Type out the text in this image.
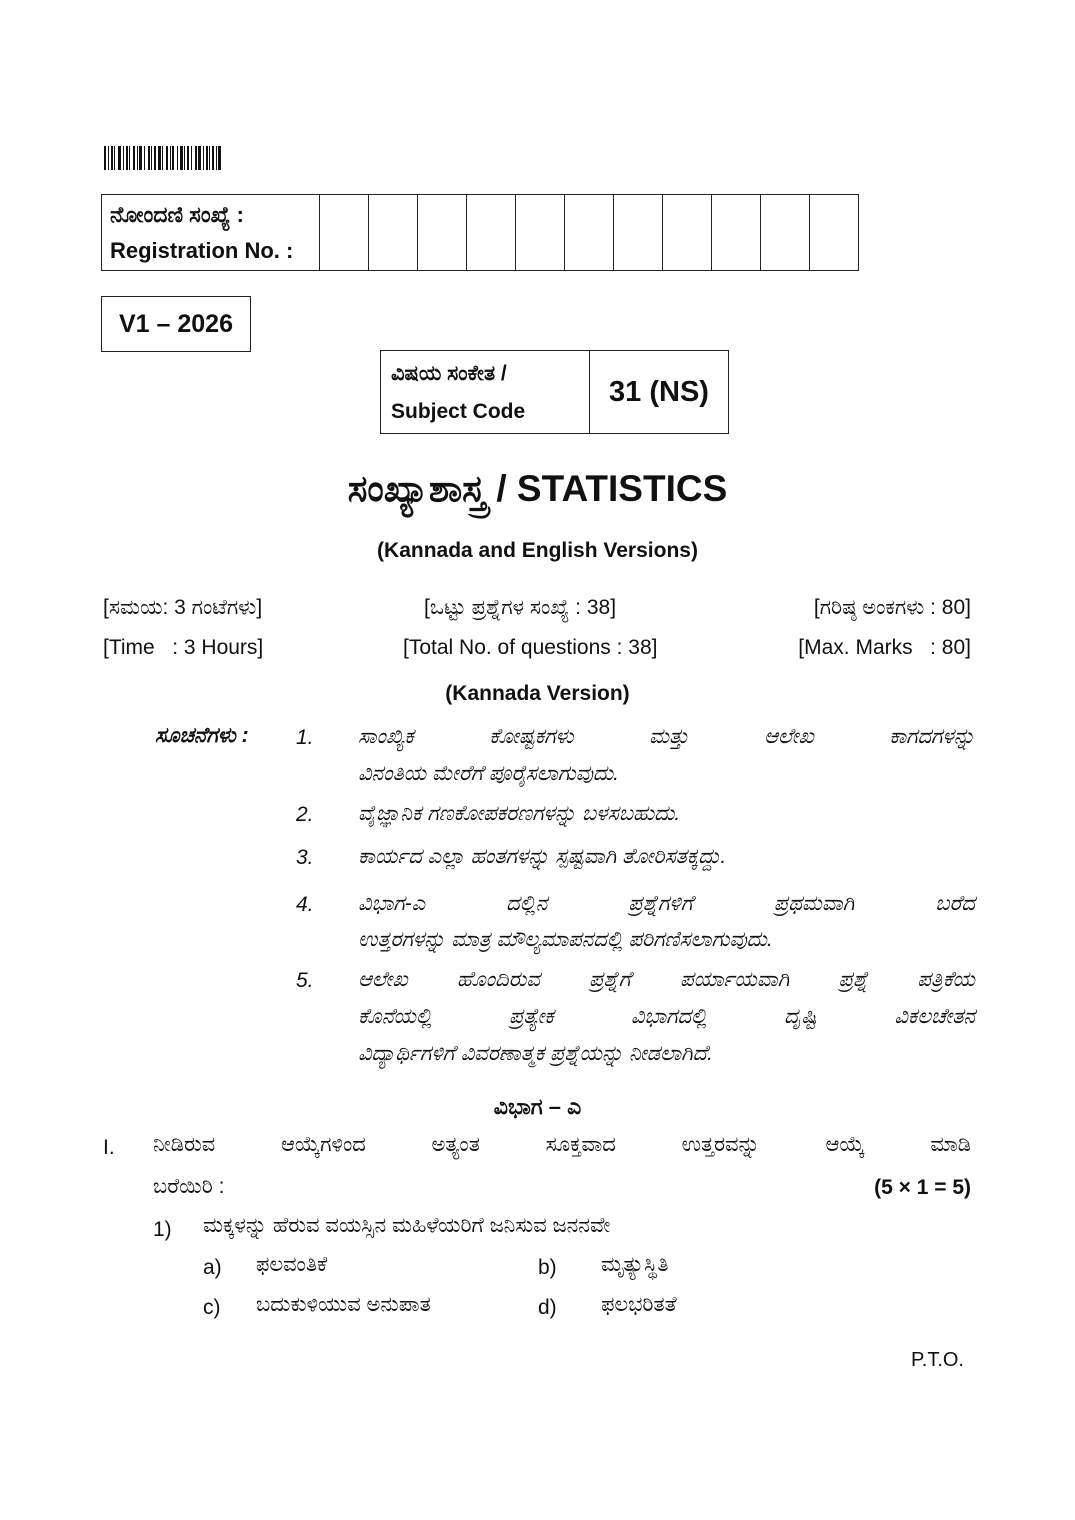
ನೋಂದಣಿ ಸಂಖ್ಯೆ :
Registration No. :
V1 – 2026
ವಿಷಯ ಸಂಕೇತ /
Subject Code
31 (NS)
ಸಂಖ್ಯಾಶಾಸ್ತ್ರ / STATISTICS
(Kannada and English Versions)
[ಸಮಯ: 3 ಗಂಟೆಗಳು]	[ಒಟ್ಟು ಪ್ರಶ್ನೆಗಳ ಸಂಖ್ಯೆ : 38]	[ಗರಿಷ್ಠ ಅಂಕಗಳು : 80]
[Time   : 3 Hours]	[Total No. of questions : 38]	[Max. Marks   : 80]
(Kannada Version)
ಸೂಚನೆಗಳು : 1. ಸಾಂಖ್ಯಿಕ ಕೋಷ್ಟಕಗಳು ಮತ್ತು ಆಲೇಖ ಕಾಗದಗಳನ್ನು
ವಿನಂತಿಯ ಮೇರೆಗೆ ಪೂರೈಸಲಾಗುವುದು.
2. ವೈಜ್ಞಾನಿಕ ಗಣಕೋಪಕರಣಗಳನ್ನು ಬಳಸಬಹುದು.
3. ಕಾರ್ಯದ ಎಲ್ಲಾ ಹಂತಗಳನ್ನು ಸ್ಪಷ್ಟವಾಗಿ ತೋರಿಸತಕ್ಕದ್ದು.
4. ವಿಭಾಗ-ಎ ದಲ್ಲಿನ ಪ್ರಶ್ನೆಗಳಿಗೆ ಪ್ರಥಮವಾಗಿ ಬರೆದ
ಉತ್ತರಗಳನ್ನು ಮಾತ್ರ ಮೌಲ್ಯಮಾಪನದಲ್ಲಿ ಪರಿಗಣಿಸಲಾಗುವುದು.
5. ಆಲೇಖ ಹೊಂದಿರುವ ಪ್ರಶ್ನೆಗೆ ಪರ್ಯಾಯವಾಗಿ ಪ್ರಶ್ನೆ ಪತ್ರಿಕೆಯ
ಕೊನೆಯಲ್ಲಿ ಪ್ರತ್ಯೇಕ ವಿಭಾಗದಲ್ಲಿ ದೃಷ್ಟಿ ವಿಕಲಚೇತನ
ವಿದ್ಯಾರ್ಥಿಗಳಿಗೆ ವಿವರಣಾತ್ಮಕ ಪ್ರಶ್ನೆಯನ್ನು ನೀಡಲಾಗಿದೆ.
ವಿಭಾಗ – ಎ
I. ನೀಡಿರುವ ಆಯ್ಕೆಗಳಿಂದ ಅತ್ಯಂತ ಸೂಕ್ತವಾದ ಉತ್ತರವನ್ನು ಆಯ್ಕೆ ಮಾಡಿ
ಬರೆಯಿರಿ :	(5 × 1 = 5)
1) ಮಕ್ಕಳನ್ನು ಹೆರುವ ವಯಸ್ಸಿನ ಮಹಿಳೆಯರಿಗೆ ಜನಿಸುವ ಜನನವೇ
a) ಫಲವಂತಿಕೆ	b) ಮೃತ್ಯುಸ್ಥಿತಿ
c) ಬದುಕುಳಿಯುವ ಅನುಪಾತ	d) ಫಲಭರಿತತೆ
P.T.O.
